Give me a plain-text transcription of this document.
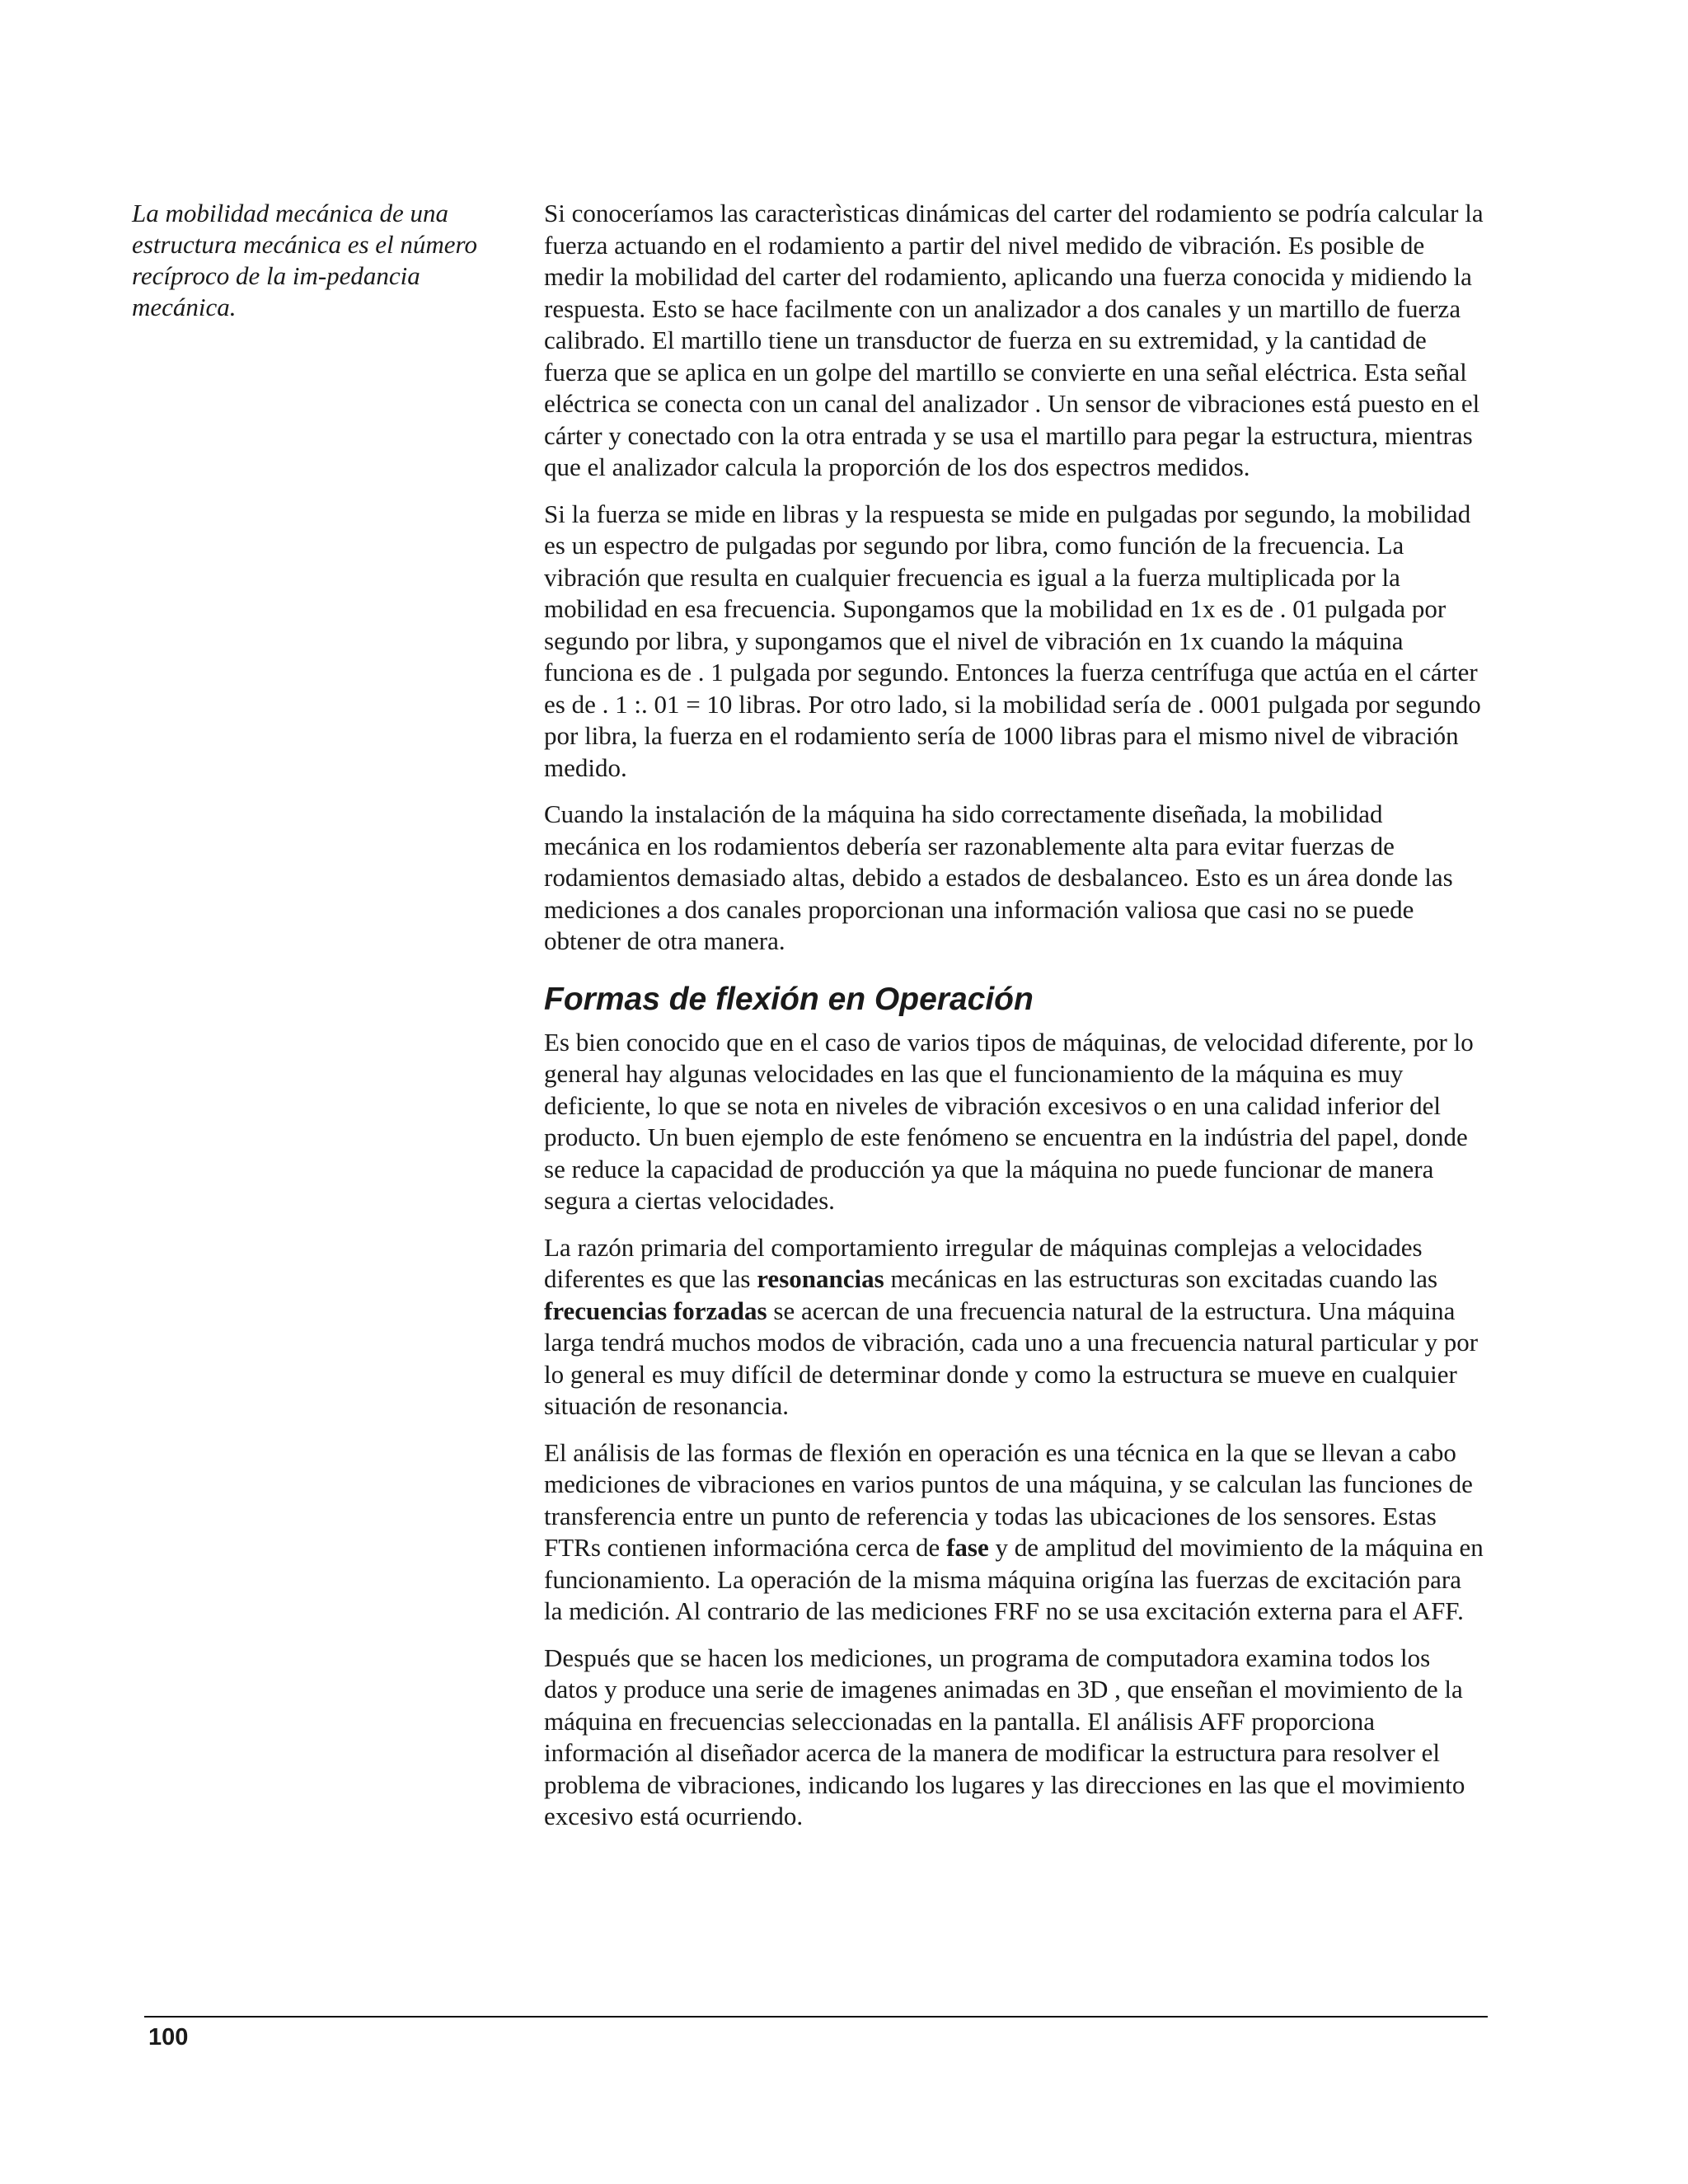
La mobilidad mecánica de una estructura mecánica es el número recíproco de la im-pedancia mecánica.

Si conoceríamos las caracterìsticas dinámicas del carter del rodamiento se podría calcular la fuerza actuando en el rodamiento a partir del nivel medido de vibración. Es posible de medir la mobilidad del carter del rodamiento, aplicando una fuerza conocida y midiendo la respuesta. Esto se hace facilmente con un analizador a dos canales y un martillo de fuerza calibrado. El martillo tiene un transductor de fuerza en su extremidad, y la cantidad de fuerza que se aplica en un golpe del martillo se convierte en una señal eléctrica. Esta señal eléctrica se conecta con un canal del analizador . Un sensor de vibraciones está puesto en el cárter y conectado con la otra entrada y se usa el martillo para pegar la estructura, mientras que el analizador calcula la proporción de los dos espectros medidos.

Si la fuerza se mide en libras y la respuesta se mide en pulgadas por segundo, la mobilidad es un espectro de pulgadas por segundo por libra, como función de la frecuencia. La vibración que resulta en cualquier frecuencia es igual a la fuerza multiplicada por la mobilidad en esa frecuencia. Supongamos que la mobilidad en 1x es de . 01 pulgada por segundo por libra, y supongamos que el nivel de vibración en 1x cuando la máquina funciona es de . 1 pulgada por segundo. Entonces la fuerza centrífuga que actúa en el cárter es de . 1 :. 01 = 10 libras. Por otro lado, si la mobilidad sería de . 0001 pulgada por segundo por libra, la fuerza en el rodamiento sería de 1000 libras para el mismo nivel de vibración medido.

Cuando la instalación de la máquina ha sido correctamente diseñada, la mobilidad mecánica en los rodamientos debería ser razonablemente alta para evitar fuerzas de rodamientos demasiado altas, debido a estados de desbalanceo. Esto es un área donde las mediciones a dos canales proporcionan una información valiosa que casi no se puede obtener de otra manera.

Formas de flexión en Operación

Es bien conocido que en el caso de varios tipos de máquinas, de velocidad diferente, por lo general hay algunas velocidades en las que el funcionamiento de la máquina es muy deficiente, lo que se nota en niveles de vibración excesivos o en una calidad inferior del producto. Un buen ejemplo de este fenómeno se encuentra en la indústria del papel, donde se reduce la capacidad de producción ya que la máquina no puede funcionar de manera segura a ciertas velocidades.

La razón primaria del comportamiento irregular de máquinas complejas a velocidades diferentes es que las resonancias mecánicas en las estructuras son excitadas cuando las frecuencias forzadas se acercan de una frecuencia natural de la estructura. Una máquina larga tendrá muchos modos de vibración, cada uno a una frecuencia natural particular y por lo general es muy difícil de determinar donde y como la estructura se mueve en cualquier situación de resonancia.

El análisis de las formas de flexión en operación es una técnica en la que se llevan a cabo mediciones de vibraciones en varios puntos de una máquina, y se calculan las funciones de transferencia entre un punto de referencia y todas las ubicaciones de los sensores. Estas FTRs contienen informacióna cerca de fase y de amplitud del movimiento de la máquina en funcionamiento. La operación de la misma máquina origína las fuerzas de excitación para la medición. Al contrario de las mediciones FRF no se usa excitación externa para el AFF.

Después que se hacen los mediciones, un programa de computadora examina todos los datos y produce una serie de imagenes animadas en 3D , que enseñan el movimiento de la máquina en frecuencias seleccionadas en la pantalla. El análisis AFF proporciona información al diseñador acerca de la manera de modificar la estructura para resolver el problema de vibraciones, indicando los lugares y las direcciones en las que el movimiento excesivo está ocurriendo.

100
